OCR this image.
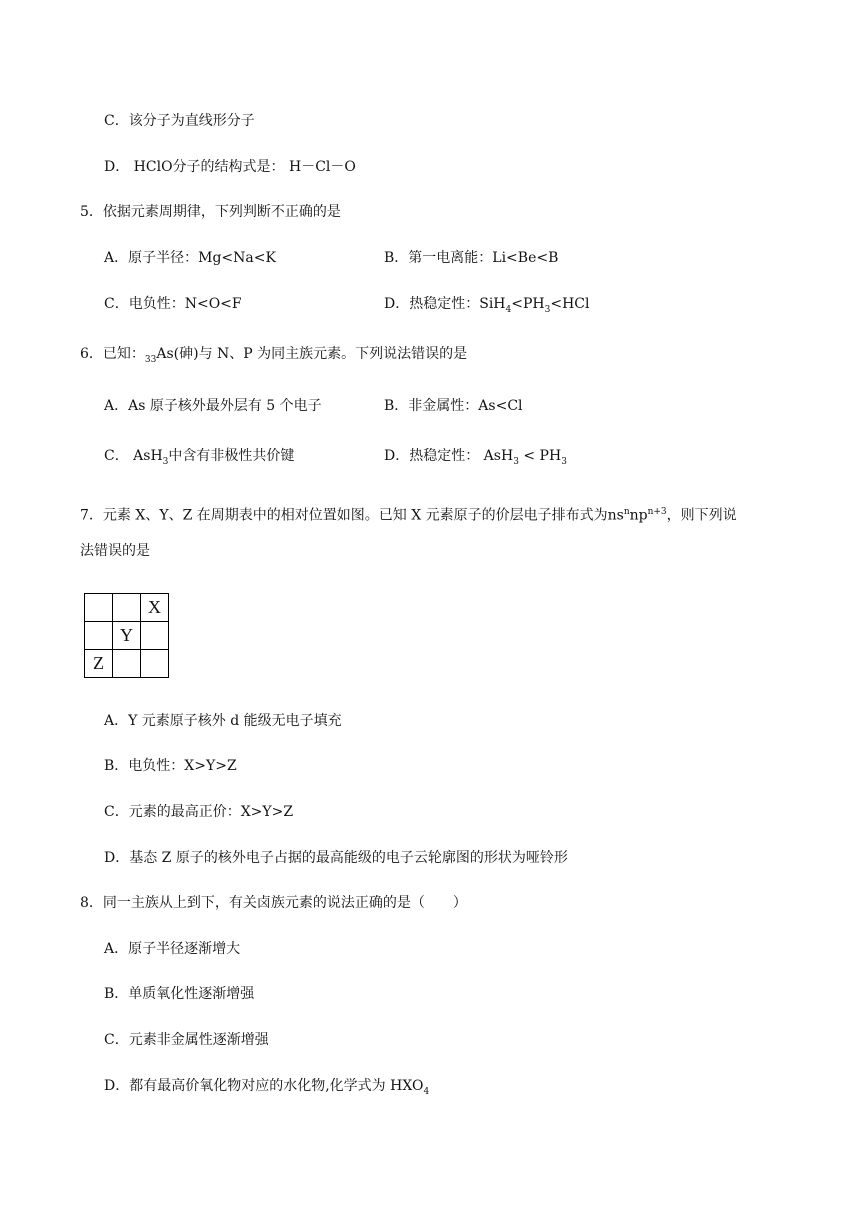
C．该分子为直线形分子
D． HClO分子的结构式是： H－Cl－O
5．依据元素周期律，下列判断不正确的是
A．原子半径：Mg<Na<K	B．第一电离能：Li<Be<B
C．电负性：N<O<F	D．热稳定性：$SiH_4<PH_3<HCl$
6．已知：$_{33}$As(砷)与 N、P 为同主族元素。下列说法错误的是
A．As 原子核外最外层有 5 个电子	B．非金属性：As<Cl
C． AsH$_3$中含有非极性共价键	D．热稳定性： $AsH_3 < PH_3$
7．元素 X、Y、Z 在周期表中的相对位置如图。已知 X 元素原子的价层电子排布式为$ns^nnp^{n+3}$，则下列说
法错误的是
		X
	Y	
Z		
A．Y 元素原子核外 d 能级无电子填充
B．电负性：X>Y>Z
C．元素的最高正价：X>Y>Z
D．基态 Z 原子的核外电子占据的最高能级的电子云轮廓图的形状为哑铃形
8．同一主族从上到下，有关卤族元素的说法正确的是（　　）
A．原子半径逐渐增大
B．单质氧化性逐渐增强
C．元素非金属性逐渐增强
D．都有最高价氧化物对应的水化物,化学式为 $HXO_4$
